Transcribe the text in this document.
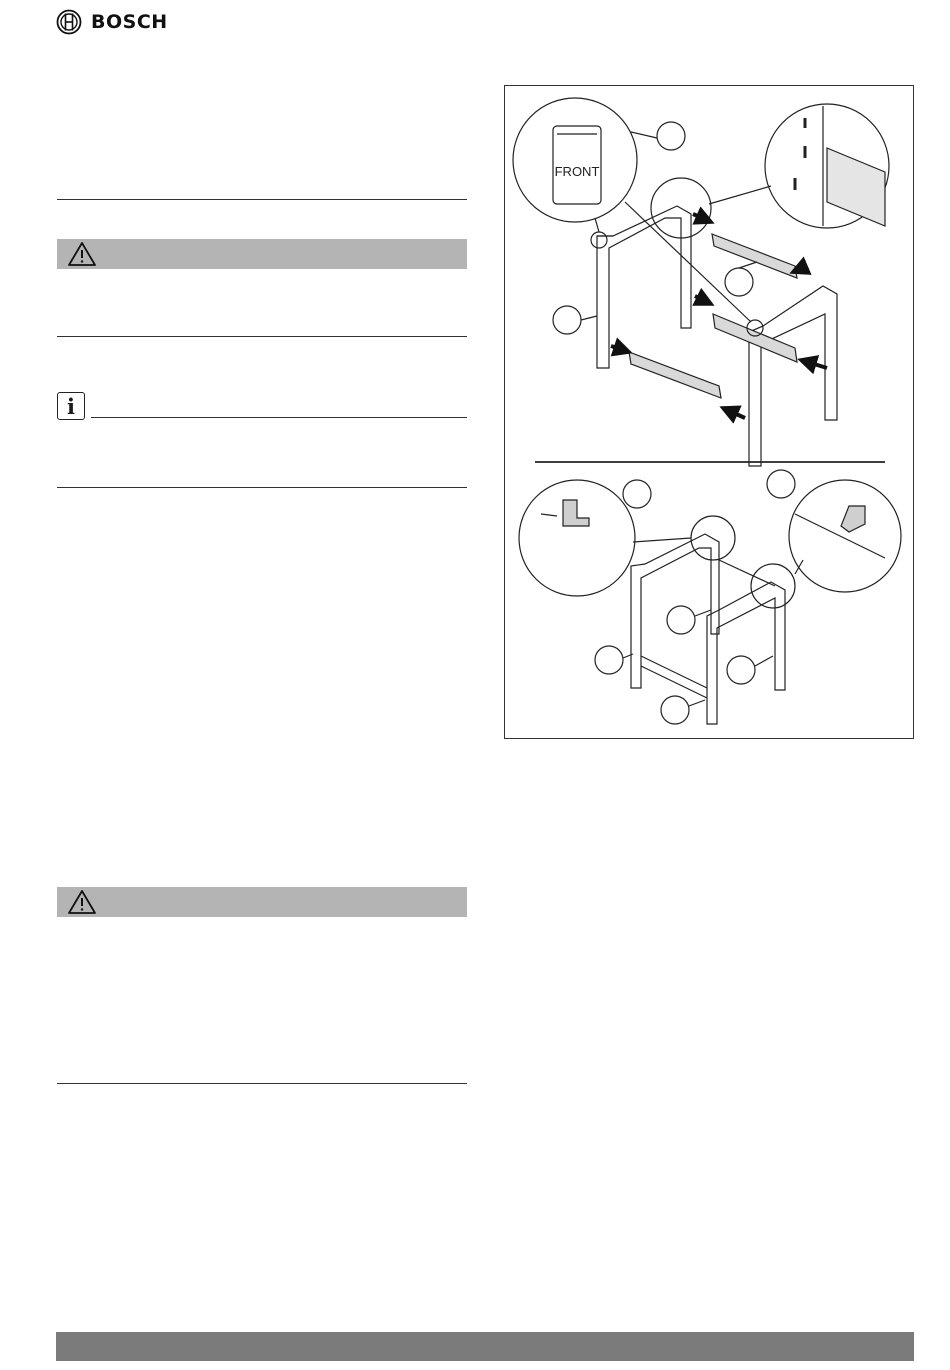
BOSCH
i
FRONT
